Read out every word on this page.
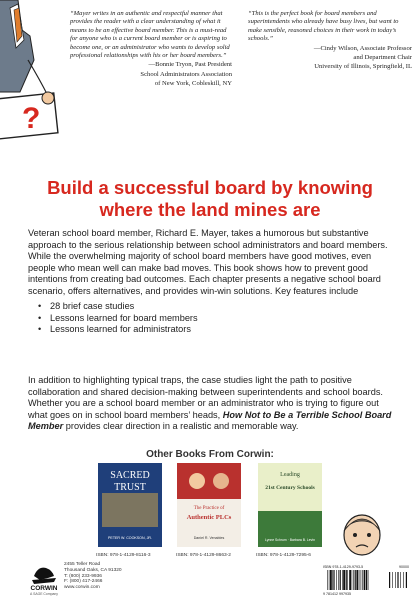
?
“Mayer writes in an authentic and respectful manner that provides the reader with a clear understanding of what it means to be an effective board member. This is a must-read for anyone who is a current board member or is aspiring to become one, or an administrator who wants to develop solid professional relationships with his or her board members.”
—Bonnie Tryon, Past President
School Administrators Association
of New York, Cobleskill, NY
“This is the perfect book for board members and superintendents who already have busy lives, but want to make sensible, reasoned choices in their work in today’s schools.”
—Cindy Wilson, Associate Professor
and Department Chair
University of Illinois, Springfield, IL
Build a successful board by knowing
where the land mines are
Veteran school board member, Richard E. Mayer, takes a humorous but substantive approach to the serious relationship between school administrators and board members. While the overwhelming majority of school board members have good motives, even people who mean well can make bad moves. This book shows how to prevent good intentions from creating bad outcomes. Each chapter presents a negative school board scenario, offers alternatives, and provides win-win solutions. Key features include
• 28 brief case studies
• Lessons learned for board members
• Lessons learned for administrators
In addition to highlighting typical traps, the case studies light the path to positive collaboration and shared decision-making between superintendents and school boards. Whether you are a school board member or an administrator who is trying to figure out what goes on in school board members’ heads, How Not to Be a Terrible School Board Member provides clear direction in a realistic and memorable way.
Other Books From Corwin:
SACRED
TRUST
PETER W. COOKSON, JR.
ISBN: 978-1-4129-8116-3
The Practice of
Authentic PLCs
Daniel R. Venables
ISBN: 978-1-4129-8663-2
Leading
21st Century Schools
Lynne Schrum · Barbara B. Levin
ISBN: 978-1-4129-7295-6
CORWIN
A SAGE Company
2455 Teller Road
Thousand Oaks, CA 91320
T: (800) 233-9936
F: (800) 417-2466
www.corwin.com
ISBN 978-1-4129-9793-5	90000
9 781412 997935
